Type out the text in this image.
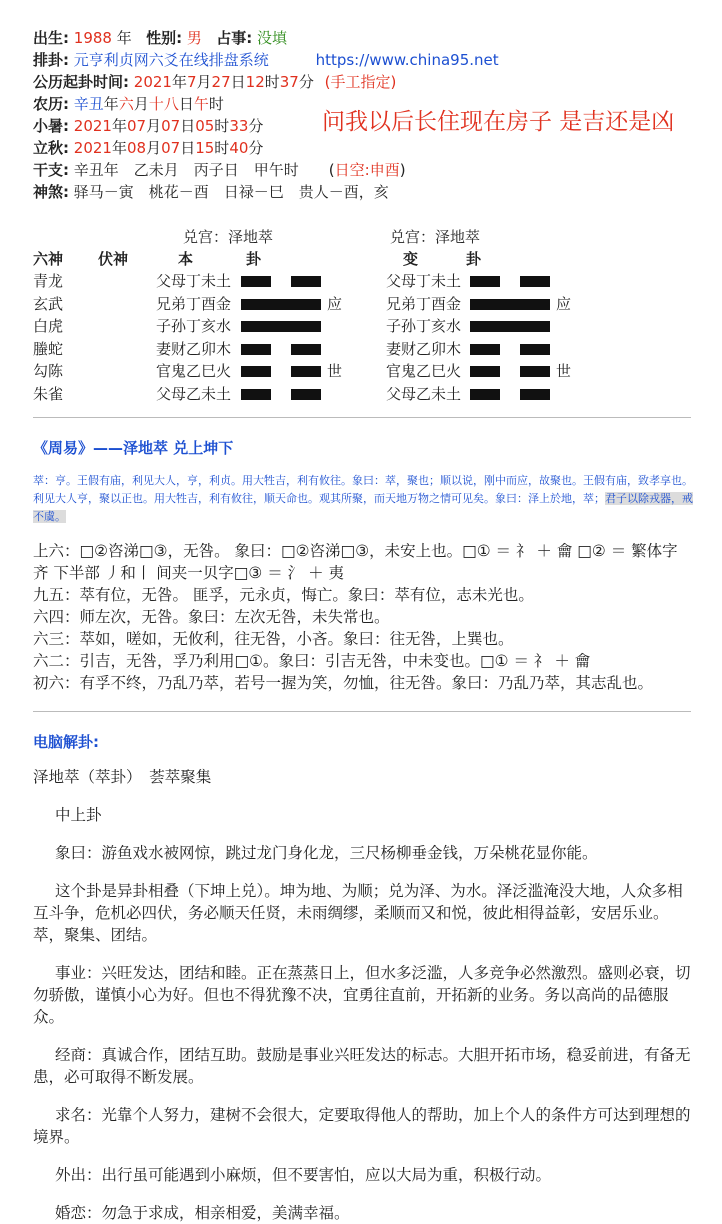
出生: 1988 年 性别: 男 占事: 没填
排卦: 元亨利贞网六爻在线排盘系统	https://www.china95.net
公历起卦时间: 2021年7月27日12时37分 (手工指定)
农历: 辛丑年六月十八日午时
小暑: 2021年07月07日05时33分
立秋: 2021年08月07日15时40分
干支: 辛丑年　乙未月　丙子日　甲午时　　(日空:申酉)
神煞: 驿马－寅　桃花－酉　日禄－巳　贵人－酉，亥
问我以后长住现在房子 是吉还是凶
兑宫：泽地萃	兑宫：泽地萃
六神 伏神	本	卦	变	卦
青龙	父母丁未土	父母丁未土
玄武	兄弟丁酉金	应	兄弟丁酉金	应
白虎	子孙丁亥水	子孙丁亥水
螣蛇	妻财乙卯木	妻财乙卯木
勾陈	官鬼乙巳火	世	官鬼乙巳火	世
朱雀	父母乙未土	父母乙未土
《周易》——泽地萃 兑上坤下
萃：亨。王假有庙，利见大人，亨，利贞。用大牲吉，利有攸往。象曰：萃，聚也；顺以说，刚中而应，故聚也。王假有庙，致孝享也。利见大人亨，聚以正也。用大牲吉，利有攸往，顺天命也。观其所聚，而天地万物之情可见矣。象曰：泽上於地，萃；君子以除戎器，戒不虞。
上六：□②咨涕□③，无咎。 象曰：□②咨涕□③，未安上也。□① ＝ 礻 ＋ 龠 □② ＝ 繁体字 齐 下半部 丿和丨 间夹一贝字□③ ＝ 氵 ＋ 夷
九五：萃有位，无咎。 匪孚，元永贞，悔亡。象曰：萃有位，志未光也。
六四：师左次，无咎。象曰：左次无咎，未失常也。
六三：萃如，嗟如，无攸利，往无咎，小吝。象曰：往无咎，上巽也。
六二：引吉，无咎，孚乃利用□①。象曰：引吉无咎，中未变也。□① ＝ 礻 ＋ 龠
初六：有孚不终，乃乱乃萃，若号一握为笑，勿恤，往无咎。象曰：乃乱乃萃，其志乱也。
电脑解卦:
泽地萃（萃卦）　荟萃聚集
中上卦
象曰：游鱼戏水被网惊，跳过龙门身化龙，三尺杨柳垂金钱，万朵桃花显你能。
这个卦是异卦相叠（下坤上兑）。坤为地、为顺；兑为泽、为水。泽泛滥淹没大地，人众多相互斗争，危机必四伏，务必顺天任贤，未雨绸缪，柔顺而又和悦，彼此相得益彰，安居乐业。萃，聚集、团结。
事业：兴旺发达，团结和睦。正在蒸蒸日上，但水多泛滥，人多竞争必然激烈。盛则必衰，切勿骄傲，谨慎小心为好。但也不得犹豫不决，宜勇往直前，开拓新的业务。务以高尚的品德服众。
经商：真诚合作，团结互助。鼓励是事业兴旺发达的标志。大胆开拓市场，稳妥前进，有备无患，必可取得不断发展。
求名：光靠个人努力，建树不会很大，定要取得他人的帮助，加上个人的条件方可达到理想的境界。
外出：出行虽可能遇到小麻烦，但不要害怕，应以大局为重，积极行动。
婚恋：勿急于求成，相亲相爱，美满幸福。
